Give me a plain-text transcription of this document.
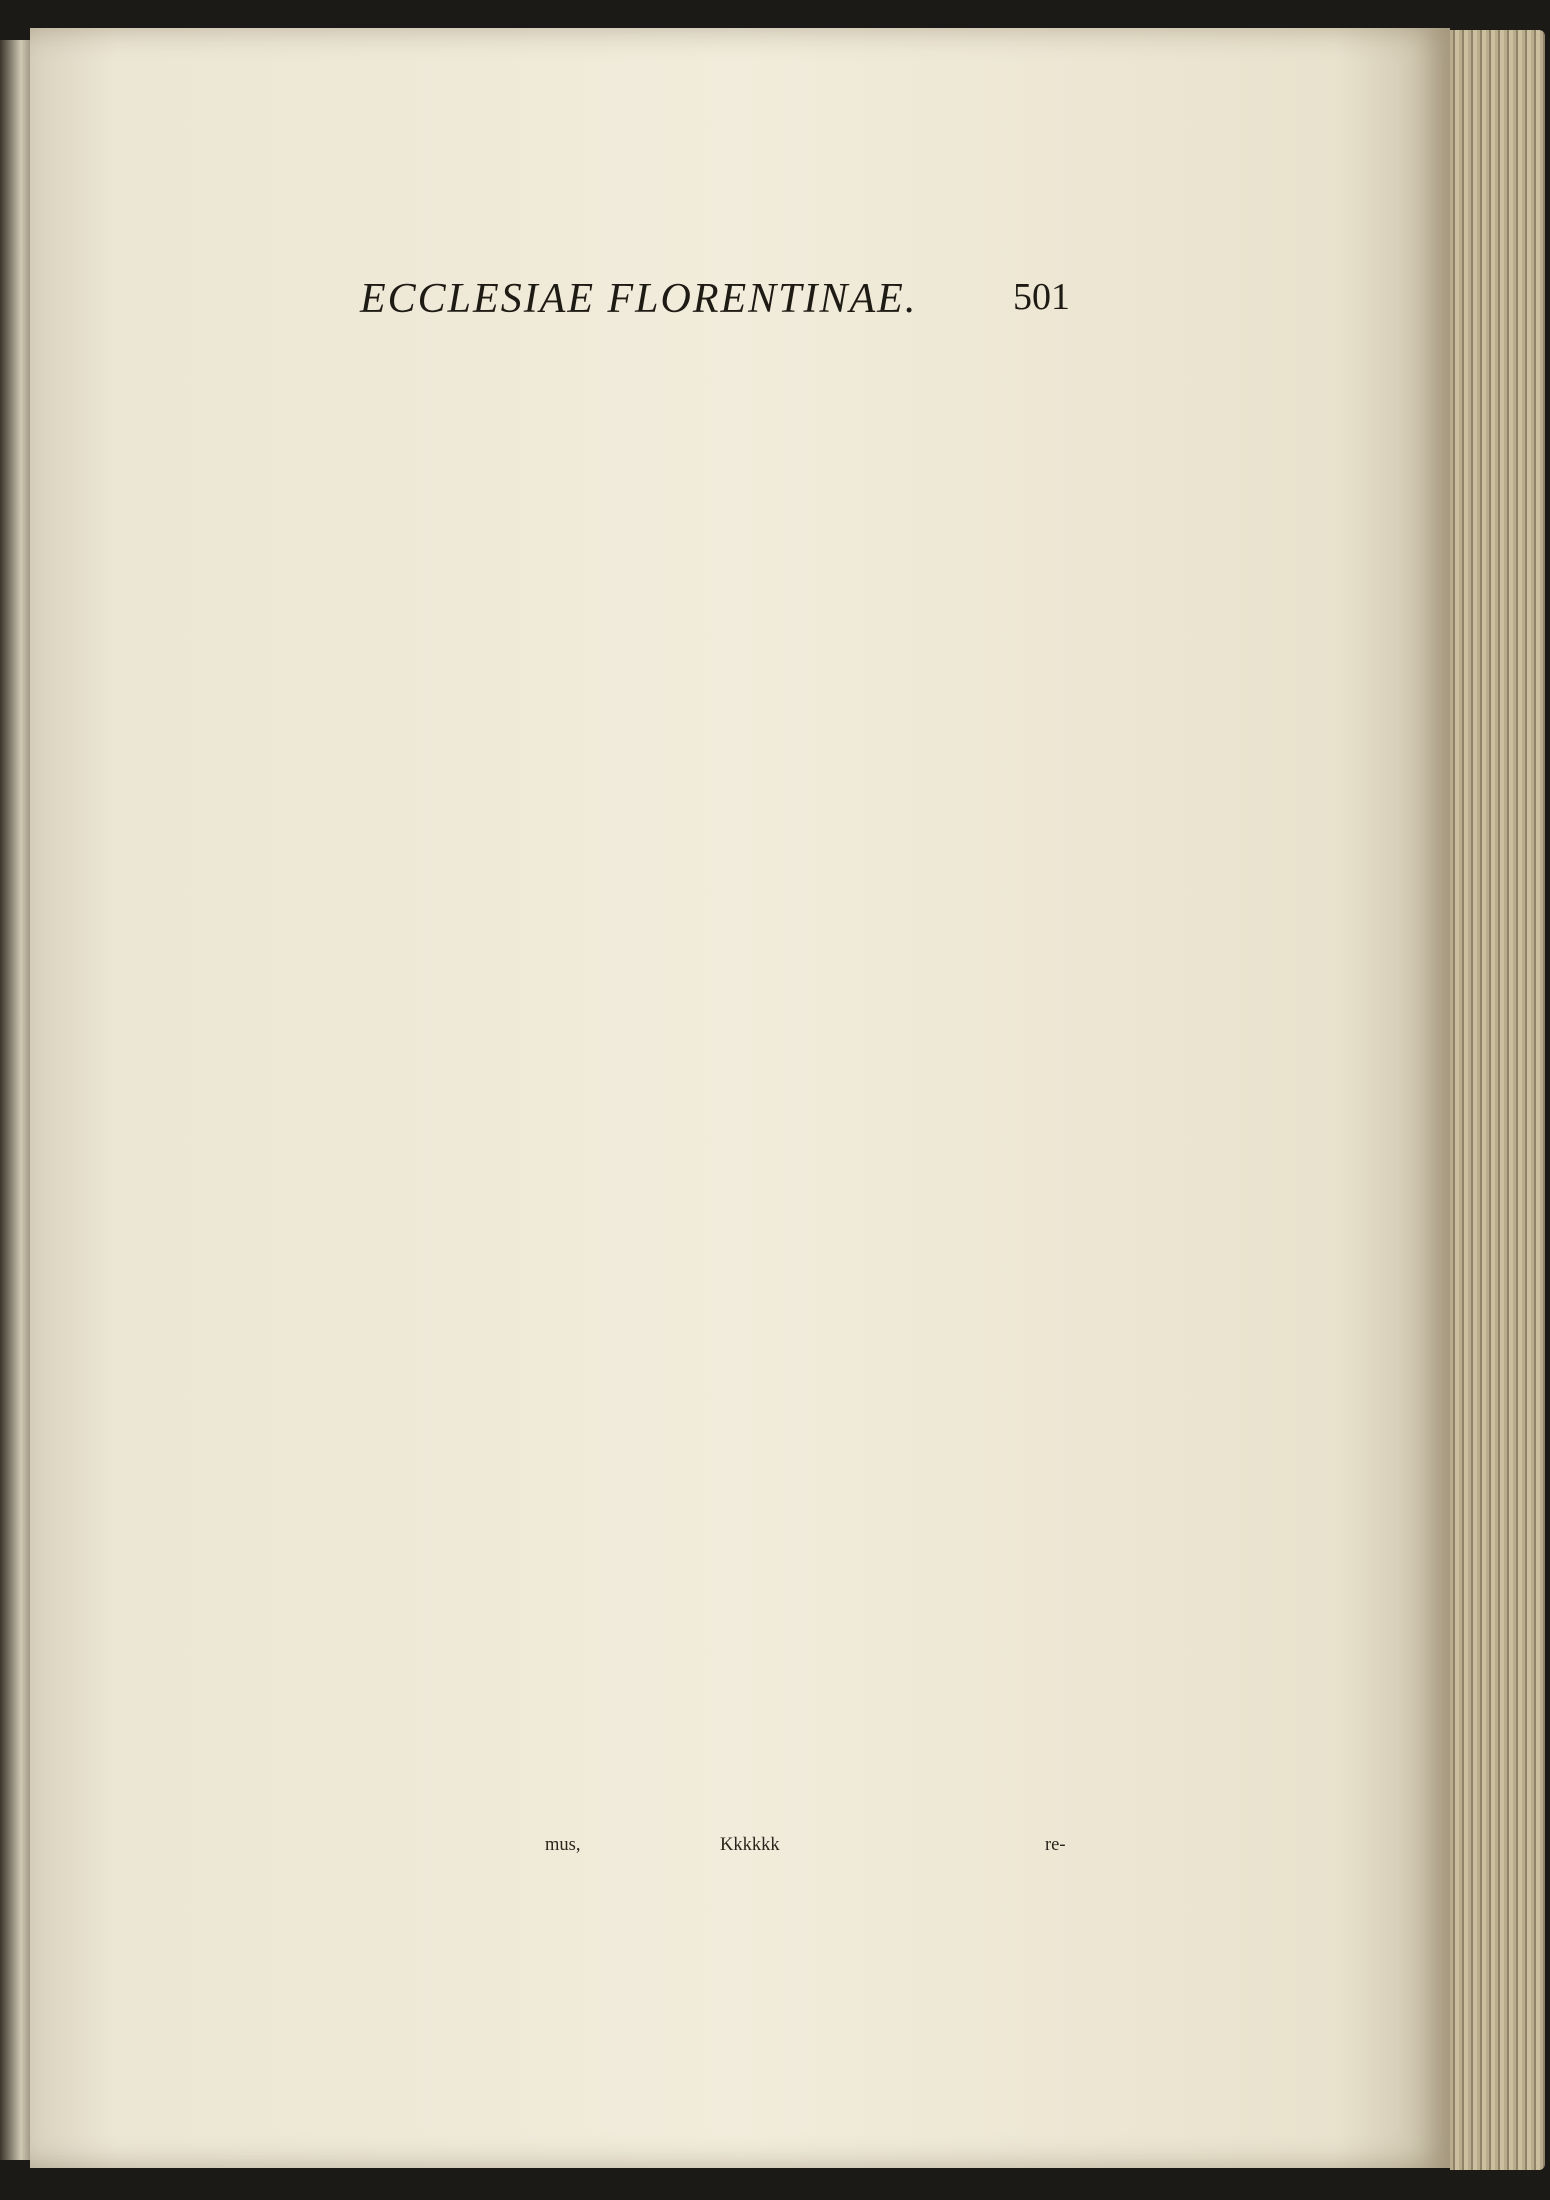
ECCLESIAE FLORENTINAE.	501
mus,	Kkkkkk	re-
